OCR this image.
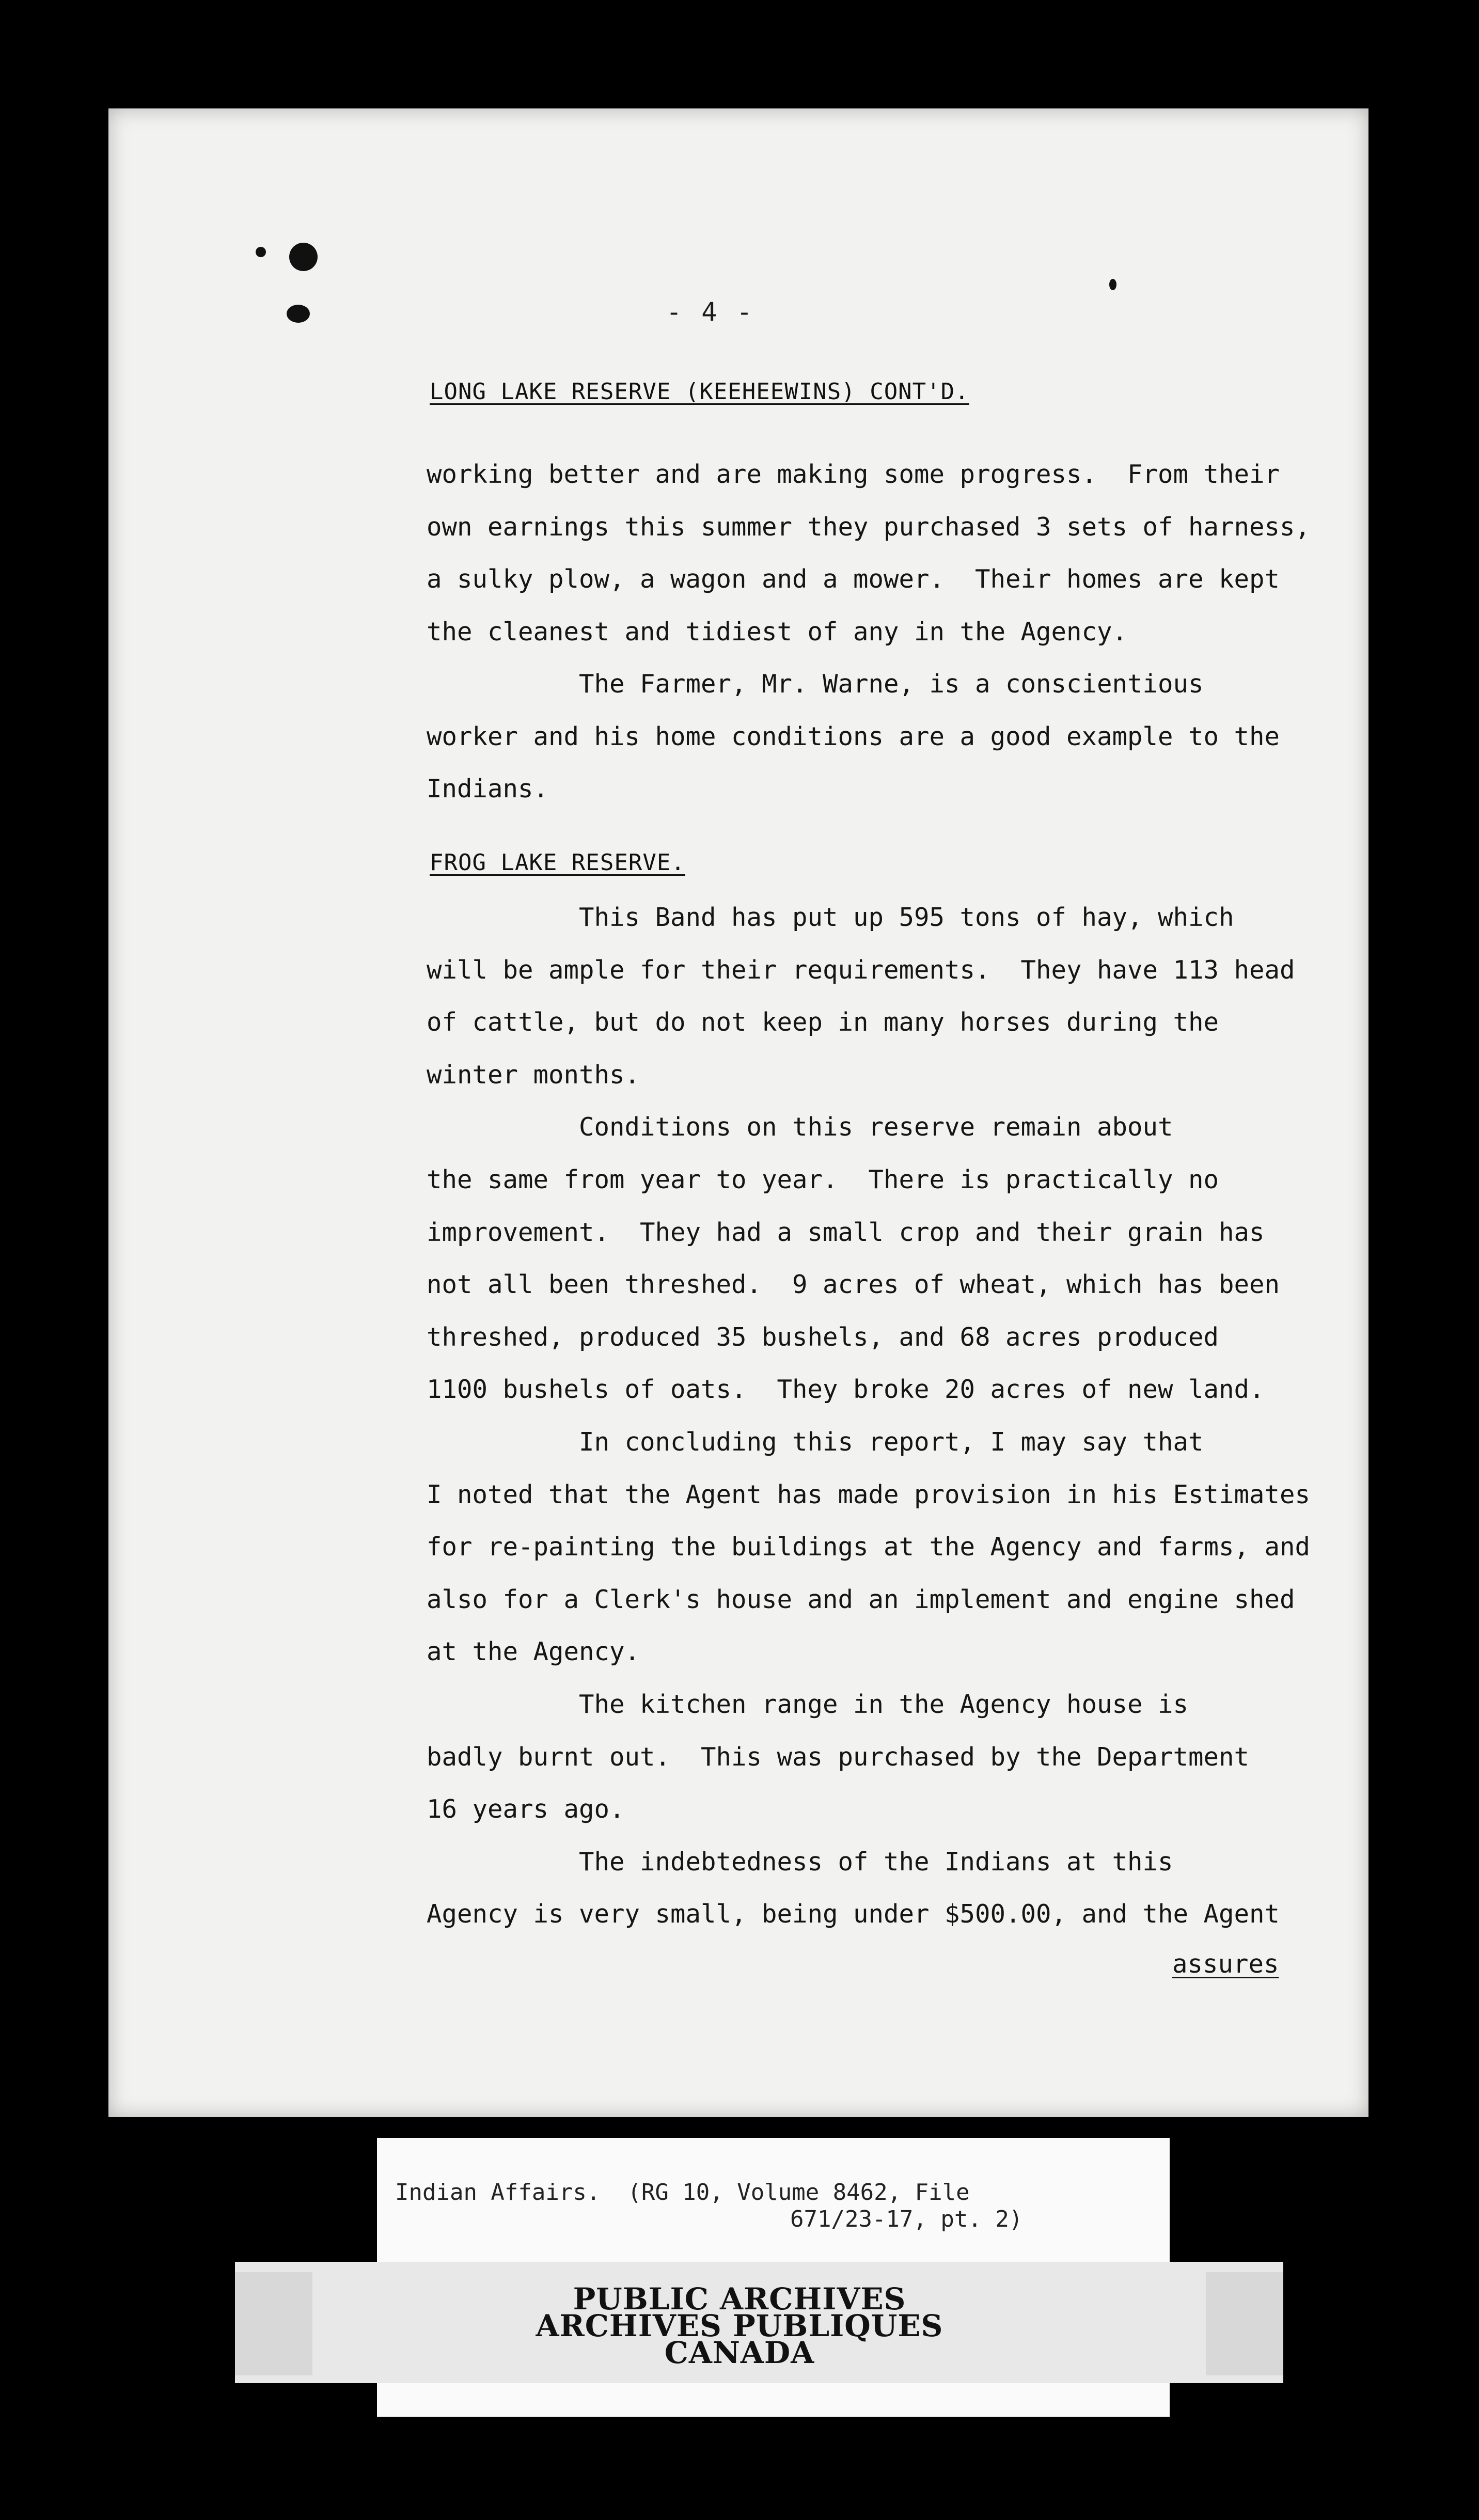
- 4 -
LONG LAKE RESERVE (KEEHEEWINS) CONT'D.
working better and are making some progress.  From their
own earnings this summer they purchased 3 sets of harness,
a sulky plow, a wagon and a mower.  Their homes are kept
the cleanest and tidiest of any in the Agency.
The Farmer, Mr. Warne, is a conscientious
worker and his home conditions are a good example to the
Indians.
FROG LAKE RESERVE.
This Band has put up 595 tons of hay, which
will be ample for their requirements.  They have 113 head
of cattle, but do not keep in many horses during the
winter months.
Conditions on this reserve remain about
the same from year to year.  There is practically no
improvement.  They had a small crop and their grain has
not all been threshed.  9 acres of wheat, which has been
threshed, produced 35 bushels, and 68 acres produced
1100 bushels of oats.  They broke 20 acres of new land.
In concluding this report, I may say that
I noted that the Agent has made provision in his Estimates
for re-painting the buildings at the Agency and farms, and
also for a Clerk's house and an implement and engine shed
at the Agency.
The kitchen range in the Agency house is
badly burnt out.  This was purchased by the Department
16 years ago.
The indebtedness of the Indians at this
Agency is very small, being under $500.00, and the Agent
assures
Indian Affairs.  (RG 10, Volume 8462, File
671/23-17, pt. 2)
PUBLIC ARCHIVES
ARCHIVES PUBLIQUES
CANADA
